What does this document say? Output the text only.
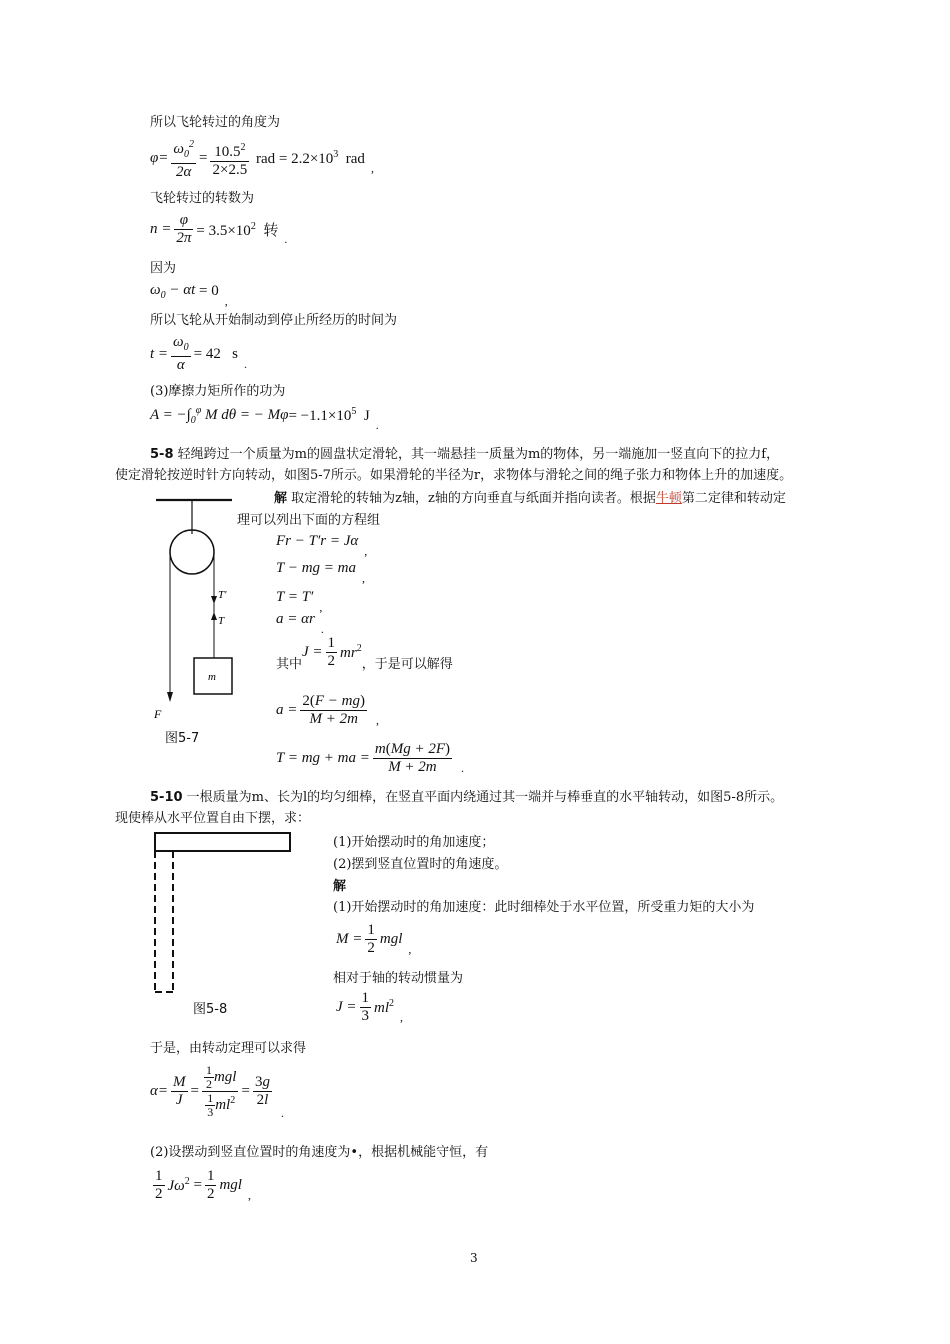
所以飞轮转过的角度为
$\varphi= \frac{\omega_0^2}{2\alpha} = \frac{10.5^2}{2\times 2.5}$ rad = $2.2\times 10^3$  rad
,
飞轮转过的转数为
$n = \frac{\varphi}{2\pi} = 3.5\times 10^2$  转 .
因为
$\omega_0 - \alpha t = 0$
,
所以飞轮从开始制动到停止所经历的时间为
$t = \frac{\omega_0}{\alpha} = 42$   s
.
(3)摩擦力矩所作的功为
$A = -\int_0^\varphi$ M dθ = − $M\varphi = -1.1\times 10^5$  J
.
5-8 轻绳跨过一个质量为m的圆盘状定滑轮，其一端悬挂一质量为m的物体，另一端施加一竖直向下的拉力f，
使定滑轮按逆时针方向转动，如图5-7所示。如果滑轮的半径为r，求物体与滑轮之间的绳子张力和物体上升的加速度。
T'
T
m
F
图5-7
解 取定滑轮的转轴为z轴，z轴的方向垂直与纸面并指向读者。根据牛顿第二定律和转动定
理可以列出下面的方程组
Fr − T′r = Jα
,
T − mg = ma
,
T = T′
,
a = αr
.
其中
$J = \frac{1}{2} mr^2$
，于是可以解得
$a = \frac{2(F - mg)}{M + 2m}$ ,
T = mg + ma = $\frac{m(Mg + 2F)}{M + 2m}$ .
5-10 一根质量为m、长为l的均匀细棒，在竖直平面内绕通过其一端并与棒垂直的水平轴转动，如图5-8所示。
现使棒从水平位置自由下摆，求：
图5-8
(1)开始摆动时的角加速度；
(2)摆到竖直位置时的角速度。
解
(1)开始摆动时的角加速度：此时细棒处于水平位置，所受重力矩的大小为
$M = \frac{1}{2}$ mgl
,
相对于轴的转动惯量为
$J = \frac{1}{3} ml^2$
,
于是，由转动定理可以求得
$\alpha= \frac{M}{J} = \frac{\frac{1}{2} mgl}{\frac{1}{3} ml^2} = \frac{3g}{2l}$
.
(2)设摆动到竖直位置时的角速度为•，根据机械能守恒，有
$\frac{1}{2} J\omega^2 = \frac{1}{2}$ mgl
,
3
